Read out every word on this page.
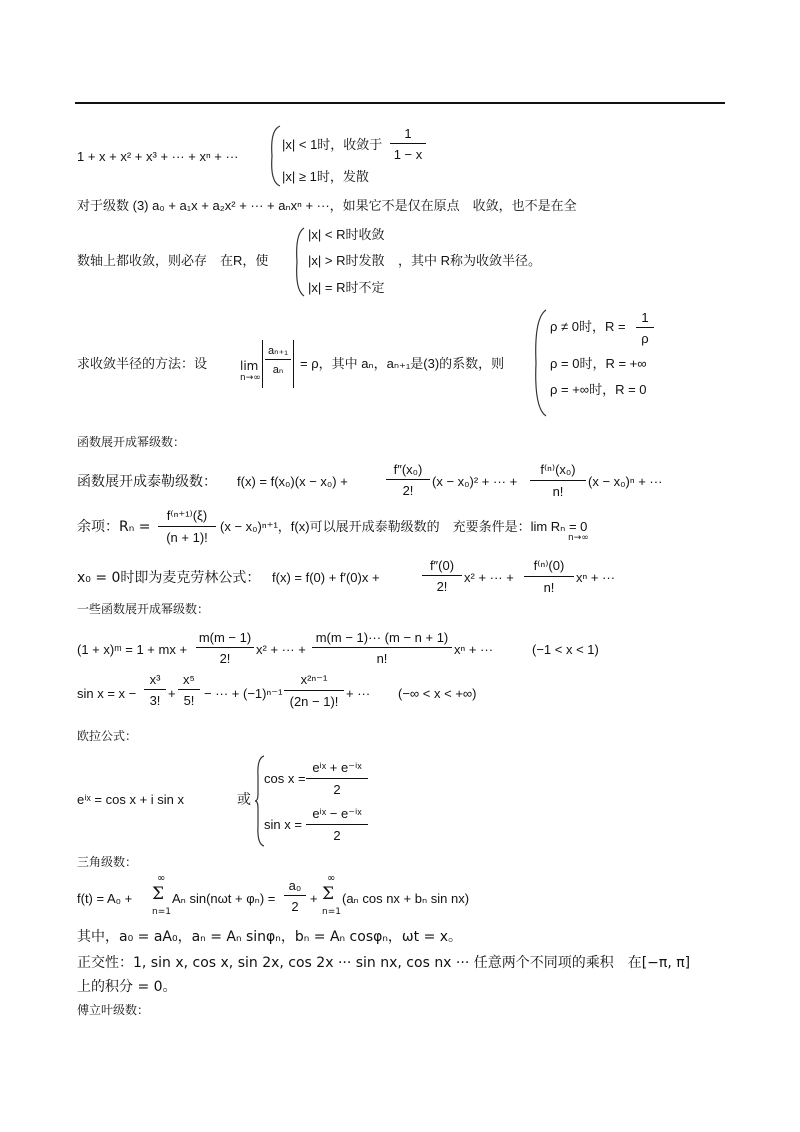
1 + x + x² + x³ + ··· + xⁿ + ···
|x| < 1时，收敛于 $\frac{1}{1 - x}$
|x| ≥ 1时，发散
对于级数 (3) a₀ + a₁x + a₂x² + ··· + aₙxⁿ + ···，如果它不是仅在原点　收敛，也不是在全
数轴上都收敛，则必存　在R，使
|x| < R时收敛
|x| > R时发散
|x| = R时不定
，其中 R称为收敛半径。
求收敛半径的方法：设	lim
n→∞
$\frac{\text{aₙ₊₁}}{\text{aₙ}} = \rho$，其中 aₙ，aₙ₊₁是(3)的系数，则
ρ ≠ 0时，$R = \frac{1}{\rho}$
ρ = 0时，R = +∞
ρ = +∞时，R = 0
函数展开成幂级数：
函数展开成泰勒级数： f(x) = f(x₀)(x − x₀) +	$\frac{\text{f″(x₀)}}{2!} (x - x_0)^2$ + ··· + $\frac{\text{f⁽ⁿ⁾(x₀)}}{n!} (x - x_0)^n$ + ···
余项：$R_n = \frac{\text{f⁽ⁿ⁺¹⁾(ξ)}}{(n + 1)!} (x - x_0)^{n+1}$，f(x)可以展开成泰勒级数的　充要条件是：lim Rₙ = 0
n→∞
x₀ = 0时即为麦克劳林公式： f(x) = f(0) + f′(0)x +	$\frac{f''(0)}{2!} x^2$ + ··· + $\frac{\text{f⁽ⁿ⁾(0)}}{n!}$ xⁿ + ···
一些函数展开成幂级数：
(1 + x)ᵐ = 1 + mx + $\frac{m(m - 1)}{2!} x^2$ + ··· + $\frac{m(m - 1)\cdot\cdot\cdot (m - n + 1)}{n!}$ xⁿ + ···	(−1 < x < 1)
$\sin x = x - \frac{\text{x³}}{3!} + \frac{\text{x⁵}}{5!}$ − ··· + $(-1)^{n-1} \frac{\text{x²ⁿ⁻¹}}{(2n - 1)!}$ + ··· (−∞ < x < +∞)
欧拉公式：
eⁱˣ = cos x + i sin x	或
cos x =
eⁱˣ + e⁻ⁱˣ
2
sin x =
eⁱˣ − e⁻ⁱˣ
2
三角级数：
f(t) = A₀ +
∞
Σ
n=1
Aₙ $\sin(n\omega t + \varphi_n) = \frac{\text{a₀}}{2}$ +
∞
Σ
n=1
(aₙ cos nx + bₙ sin nx)
其中，a₀ = aA₀，aₙ = Aₙ sinφₙ，bₙ = Aₙ cosφₙ，ωt = x。
正交性：1, sin x, cos x, sin 2x, cos 2x ··· sin nx, cos nx ··· 任意两个不同项的乘积　在[−π, π]
上的积分 = 0。
傅立叶级数：
